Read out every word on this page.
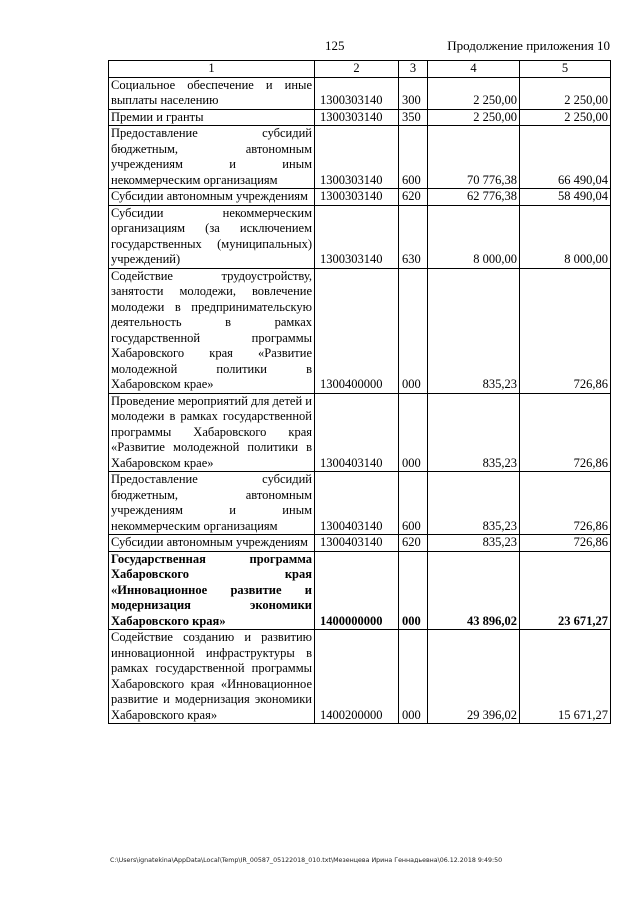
125	Продолжение приложения 10
1	2	3	4	5
Социальное обеспечение и иные выплаты населению	1300303140	300	2 250,00	2 250,00
Премии и гранты	1300303140	350	2 250,00	2 250,00
Предоставление субсидий бюджетным, автономным учреждениям и иным некоммерческим организациям	1300303140	600	70 776,38	66 490,04
Субсидии автономным учреждениям	1300303140	620	62 776,38	58 490,04
Субсидии некоммерческим организациям (за исключением государственных (муниципальных) учреждений)	1300303140	630	8 000,00	8 000,00
Содействие трудоустройству, занятости молодежи, вовлечение молодежи в предпринимательскую деятельность в рамках государственной программы Хабаровского края «Развитие молодежной политики в Хабаровском крае»	1300400000	000	835,23	726,86
Проведение мероприятий для детей и молодежи в рамках государственной программы Хабаровского края «Развитие молодежной политики в Хабаровском крае»	1300403140	000	835,23	726,86
Предоставление субсидий бюджетным, автономным учреждениям и иным некоммерческим организациям	1300403140	600	835,23	726,86
Субсидии автономным учреждениям	1300403140	620	835,23	726,86
Государственная программа Хабаровского края «Инновационное развитие и модернизация экономики Хабаровского края»	1400000000	000	43 896,02	23 671,27
Содействие созданию и развитию инновационной инфраструктуры в рамках государственной программы Хабаровского края «Инновационное развитие и модернизация экономики Хабаровского края»	1400200000	000	29 396,02	15 671,27
C:\Users\ignatekina\AppData\Local\Temp\IR_00587_05122018_010.txt\Мезенцева Ирина Геннадьевна\06.12.2018 9:49:50
